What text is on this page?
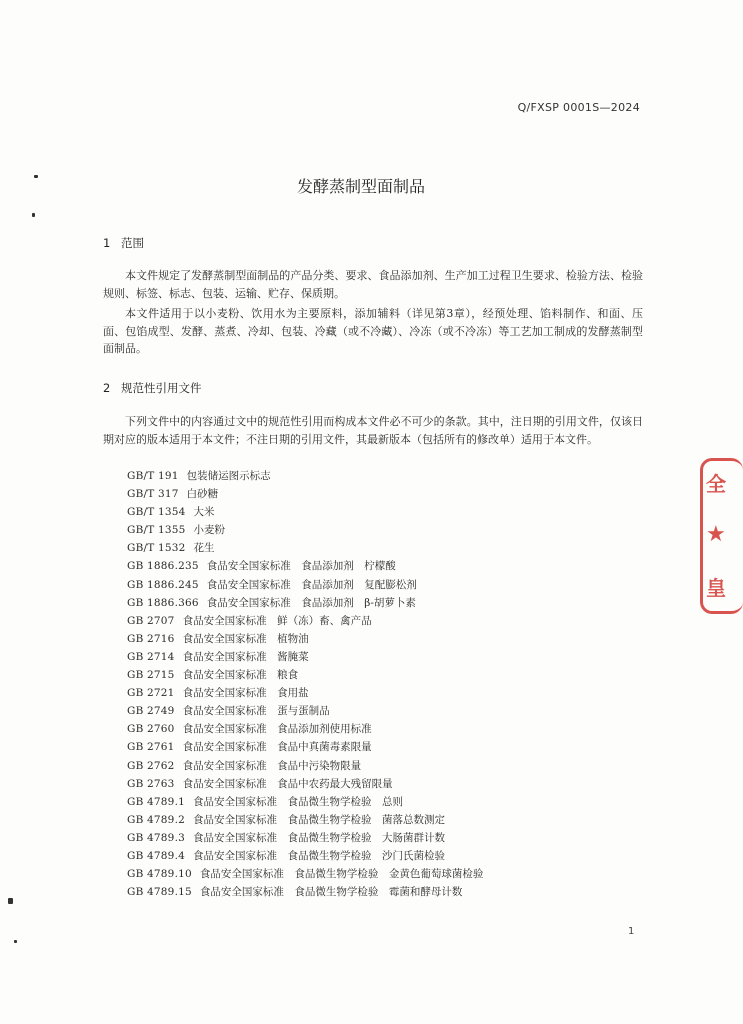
Q/FXSP 0001S—2024
发酵蒸制型面制品
1 范围

本文件规定了发酵蒸制型面制品的产品分类、要求、食品添加剂、生产加工过程卫生要求、检验方法、检验规则、标签、标志、包装、运输、贮存、保质期。

本文件适用于以小麦粉、饮用水为主要原料，添加辅料（详见第3章），经预处理、馅料制作、和面、压面、包馅成型、发酵、蒸煮、冷却、包装、冷藏（或不冷藏）、冷冻（或不冷冻）等工艺加工制成的发酵蒸制型面制品。

2 规范性引用文件

下列文件中的内容通过文中的规范性引用而构成本文件必不可少的条款。其中，注日期的引用文件，仅该日期对应的版本适用于本文件；不注日期的引用文件，其最新版本（包括所有的修改单）适用于本文件。

GB/T 191 包装储运图示标志
GB/T 317 白砂糖
GB/T 1354 大米
GB/T 1355 小麦粉
GB/T 1532 花生
GB 1886.235 食品安全国家标准　食品添加剂　柠檬酸
GB 1886.245 食品安全国家标准　食品添加剂　复配膨松剂
GB 1886.366 食品安全国家标准　食品添加剂　β-胡萝卜素
GB 2707 食品安全国家标准　鲜（冻）畜、禽产品
GB 2716 食品安全国家标准　植物油
GB 2714 食品安全国家标准　酱腌菜
GB 2715 食品安全国家标准　粮食
GB 2721 食品安全国家标准　食用盐
GB 2749 食品安全国家标准　蛋与蛋制品
GB 2760 食品安全国家标准　食品添加剂使用标准
GB 2761 食品安全国家标准　食品中真菌毒素限量
GB 2762 食品安全国家标准　食品中污染物限量
GB 2763 食品安全国家标准　食品中农药最大残留限量
GB 4789.1 食品安全国家标准　食品微生物学检验　总则
GB 4789.2 食品安全国家标准　食品微生物学检验　菌落总数测定
GB 4789.3 食品安全国家标准　食品微生物学检验　大肠菌群计数
GB 4789.4 食品安全国家标准　食品微生物学检验　沙门氏菌检验
GB 4789.10 食品安全国家标准　食品微生物学检验　金黄色葡萄球菌检验
GB 4789.15 食品安全国家标准　食品微生物学检验　霉菌和酵母计数
1
全
★
皇
